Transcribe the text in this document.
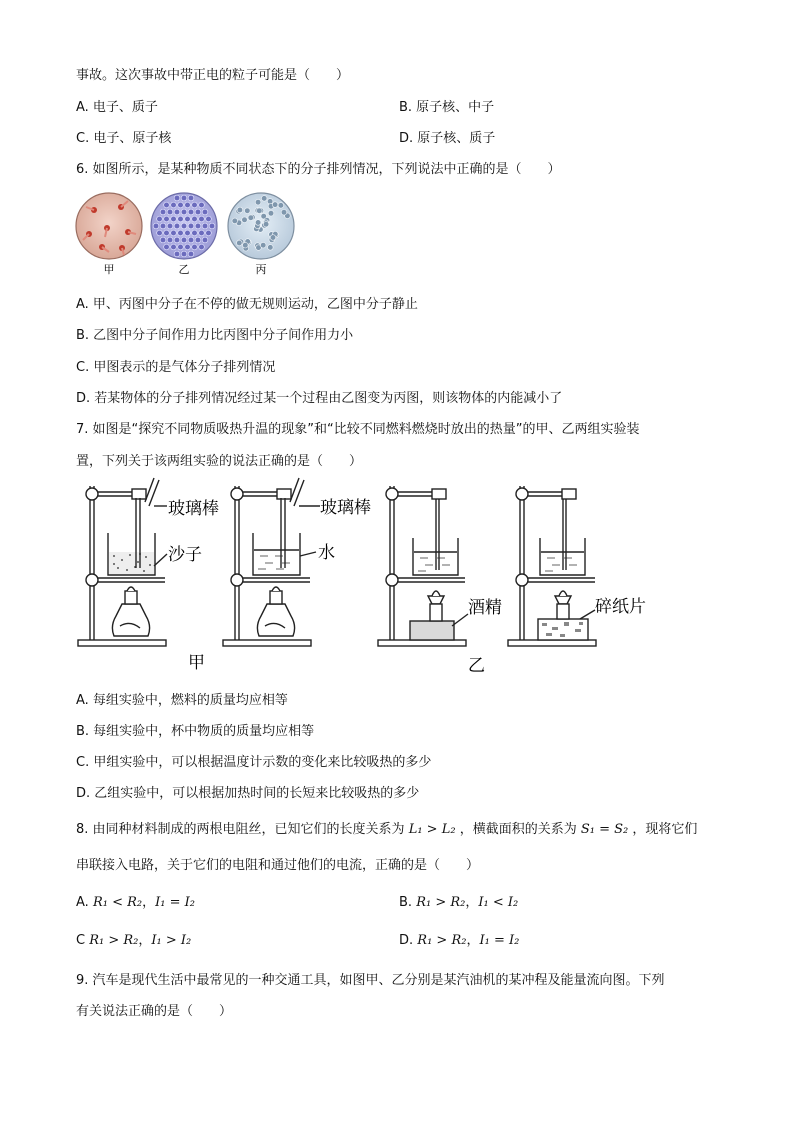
事故。这次事故中带正电的粒子可能是（　　）
A. 电子、质子	B. 原子核、中子
C. 电子、原子核	D. 原子核、质子
6. 如图所示，是某种物质不同状态下的分子排列情况，下列说法中正确的是（　　）
甲	乙	丙
A. 甲、丙图中分子在不停的做无规则运动，乙图中分子静止
B. 乙图中分子间作用力比丙图中分子间作用力小
C. 甲图表示的是气体分子排列情况
D. 若某物体的分子排列情况经过某一个过程由乙图变为丙图，则该物体的内能减小了
7. 如图是“探究不同物质吸热升温的现象”和“比较不同燃料燃烧时放出的热量”的甲、乙两组实验装
置，下列关于该两组实验的说法正确的是（　　）
玻璃棒
沙子
玻璃棒
水
酒精	碎纸片
甲	乙
A. 每组实验中，燃料的质量均应相等
B. 每组实验中，杯中物质的质量均应相等
C. 甲组实验中，可以根据温度计示数的变化来比较吸热的多少
D. 乙组实验中，可以根据加热时间的长短来比较吸热的多少
8. 由同种材料制成的两根电阻丝，已知它们的长度关系为 L₁ > L₂ ，横截面积的关系为 S₁ = S₂ ，现将它们
串联接入电路，关于它们的电阻和通过他们的电流，正确的是（　　）
A. R₁ < R₂，I₁ = I₂	B. R₁ > R₂，I₁ < I₂
C R₁ > R₂，I₁ > I₂	D. R₁ > R₂，I₁ = I₂
9. 汽车是现代生活中最常见的一种交通工具，如图甲、乙分别是某汽油机的某冲程及能量流向图。下列
有关说法正确的是（　　）
